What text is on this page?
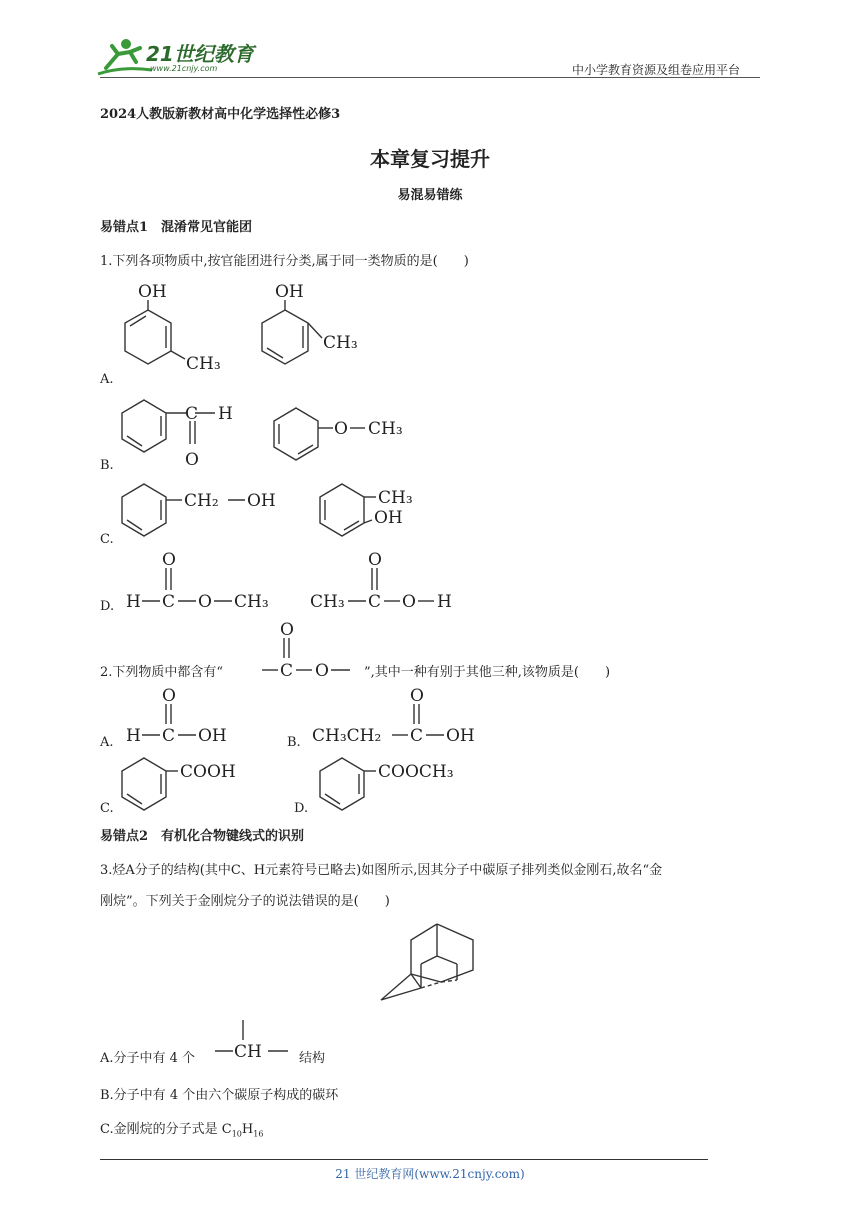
21世纪教育
www.21cnjy.com	中小学教育资源及组卷应用平台
2024人教版新教材高中化学选择性必修3
本章复习提升
易混易错练
易错点1　混淆常见官能团
1.下列各项物质中,按官能团进行分类,属于同一类物质的是(　　)
A.
OH
CH₃
OH
CH₃
B.
C H
O
O CH₃
C.
CH₂ OH	CH₃
OH
D. H C
O
O CH₃ CH₃ C
O
O H
2.下列物质中都含有“
O
C O	”,其中一种有别于其他三种,该物质是(　　)
A. H C
O
OH	B. CH₃CH₂ C
O
OH
C.
COOH
D.
COOCH₃
易错点2　有机化合物键线式的识别
3.烃A分子的结构(其中C、H元素符号已略去)如图所示,因其分子中碳原子排列类似金刚石,故名“金
刚烷”。下列关于金刚烷分子的说法错误的是(　　)
A.分子中有 4 个 CH	结构
B.分子中有 4 个由六个碳原子构成的碳环
C.金刚烷的分子式是 $C_{10}H_{16}$
21 世纪教育网(www.21cnjy.com)
